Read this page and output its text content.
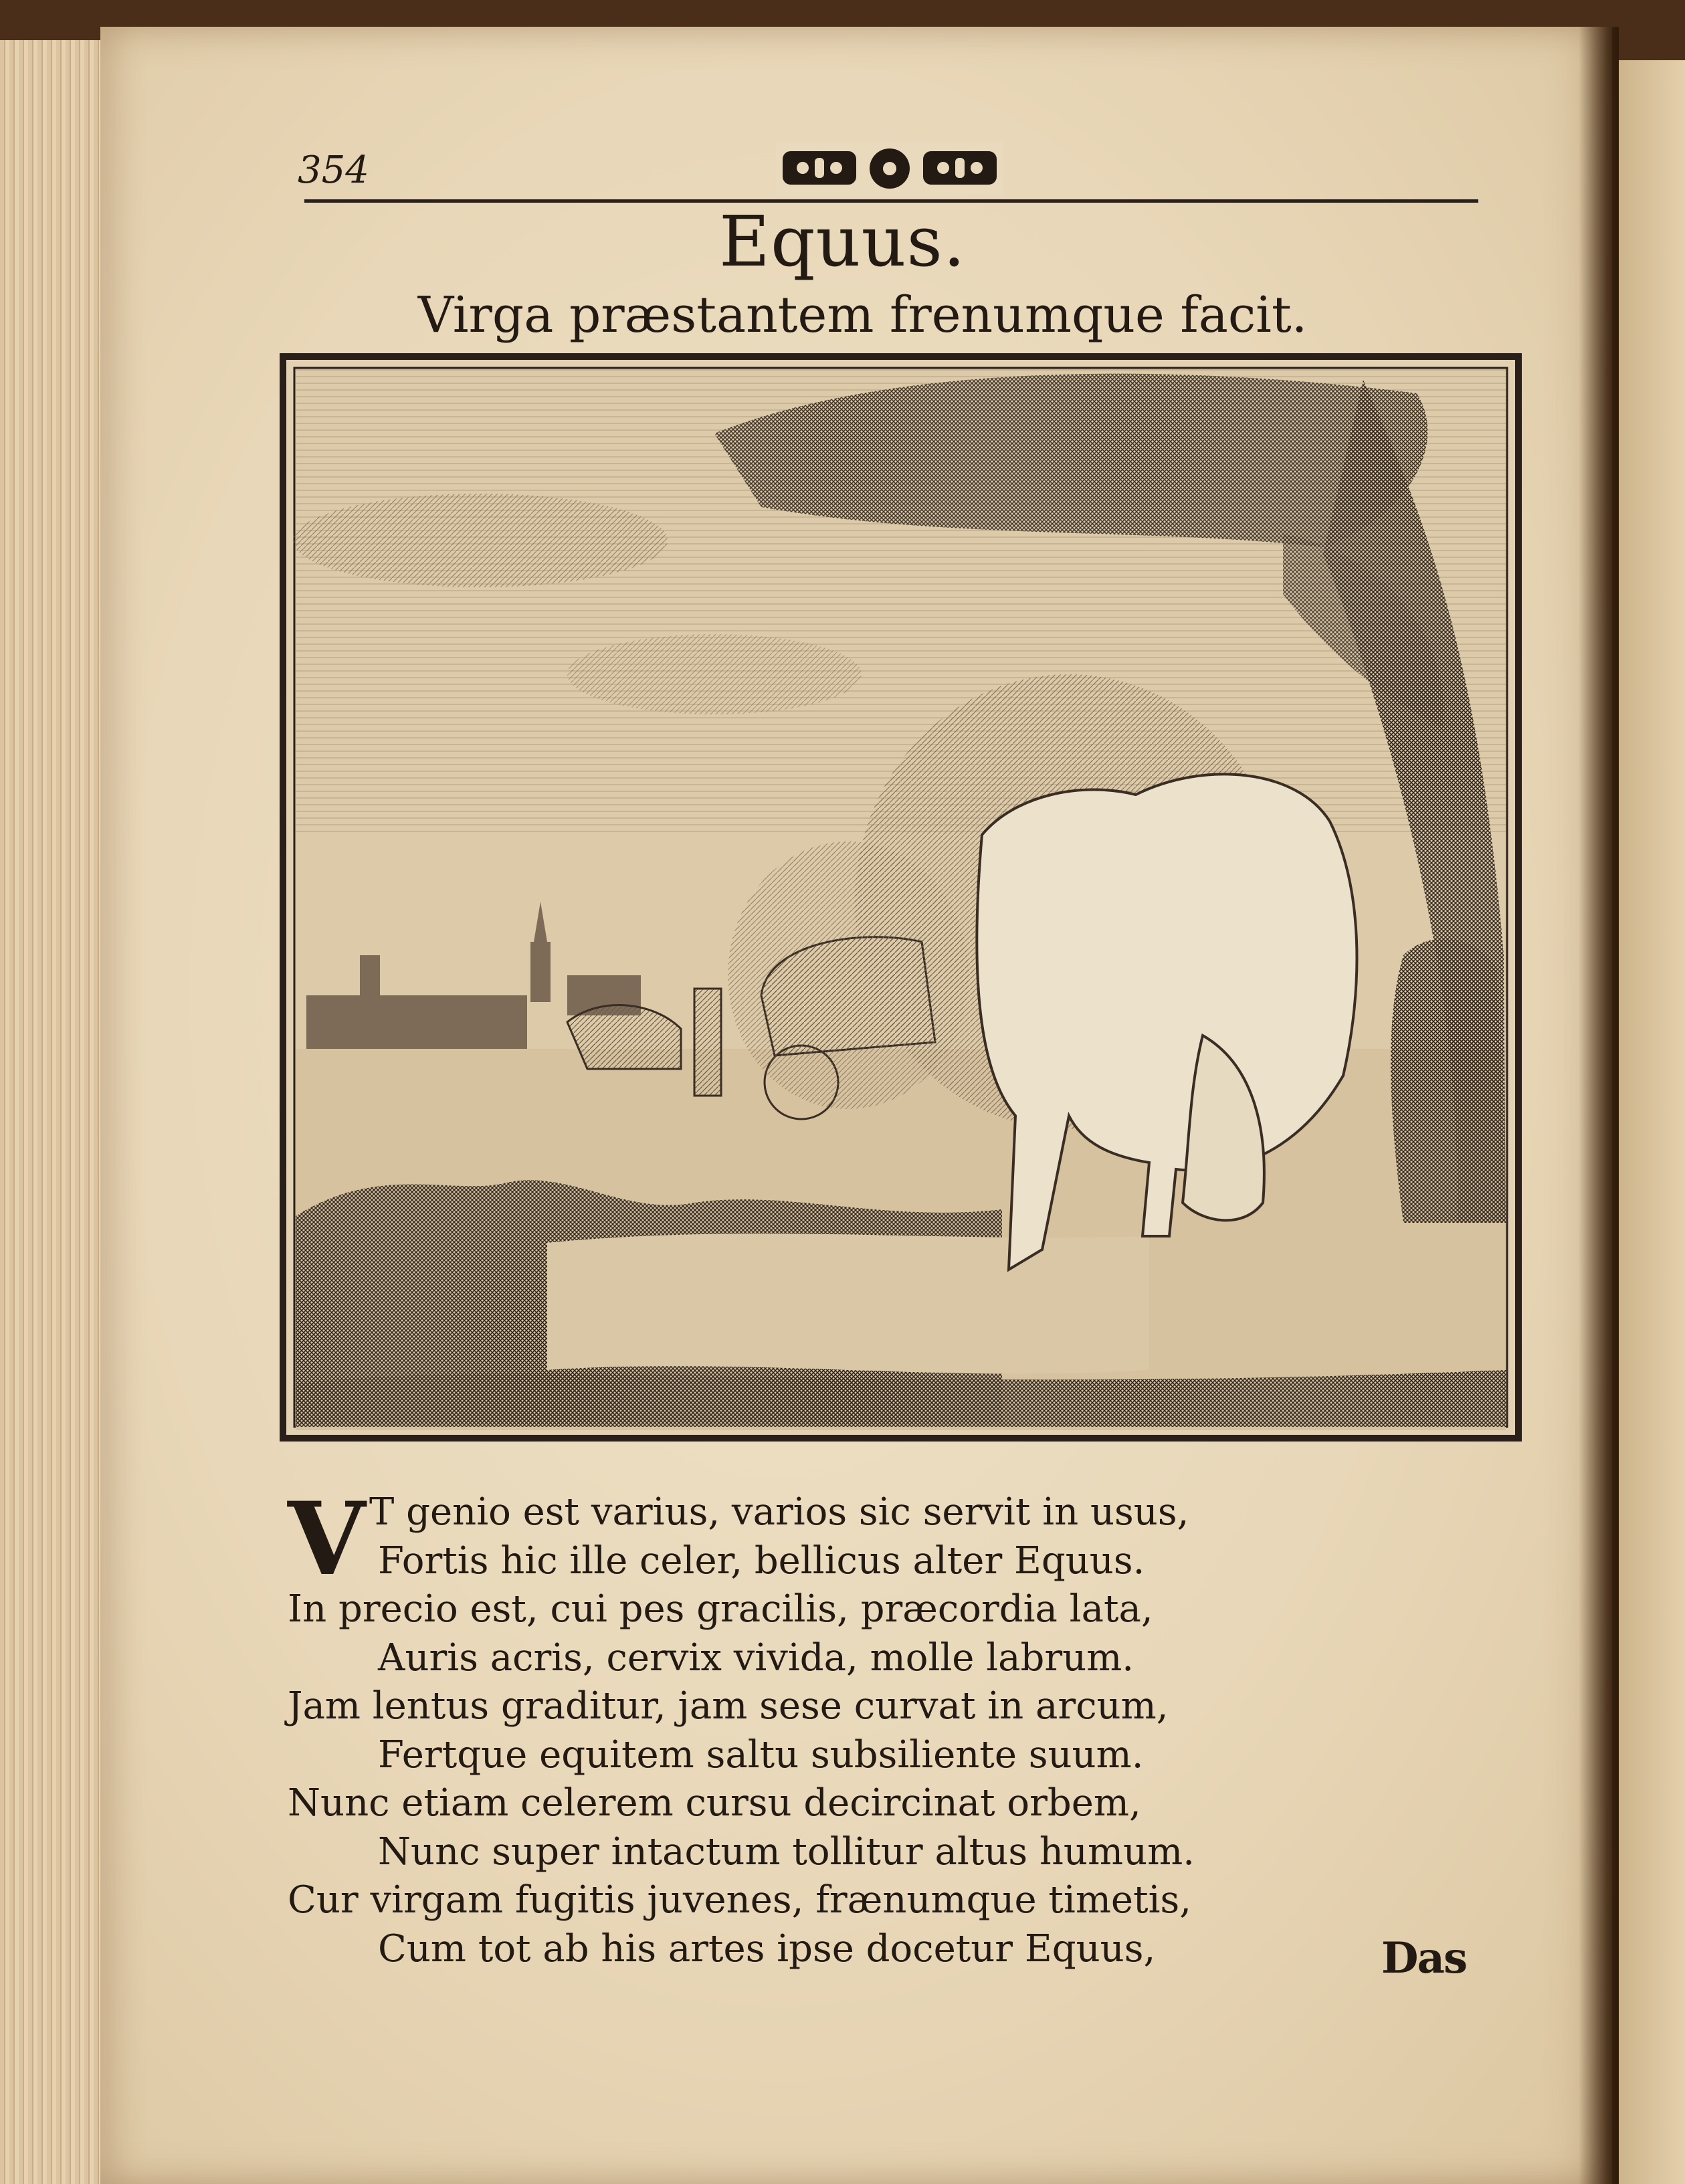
354
Equus.
Virga præstantem frenumque facit.
V T genio est varius, varios sic servit in usus,
Fortis hic ille celer, bellicus alter Equus.
In precio est, cui pes gracilis, præcordia lata,
Auris acris, cervix vivida, molle labrum.
Jam lentus graditur, jam sese curvat in arcum,
Fertque equitem saltu subsiliente suum.
Nunc etiam celerem cursu decircinat orbem,
Nunc super intactum tollitur altus humum.
Cur virgam fugitis juvenes, frænumque timetis,
Cum tot ab his artes ipse docetur Equus,	Das
